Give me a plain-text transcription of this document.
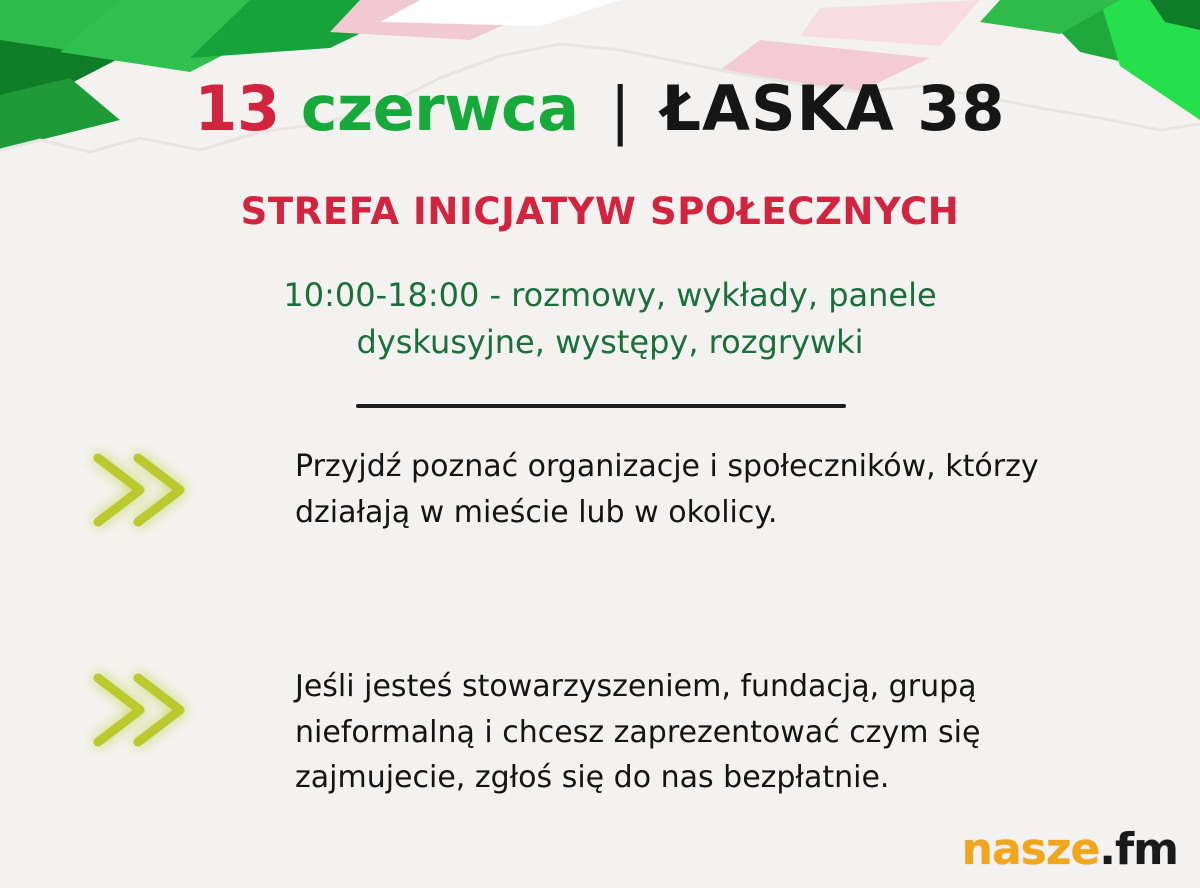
13 czerwca | ŁASKA 38
STREFA INICJATYW SPOŁECZNYCH
10:00-18:00 - rozmowy, wykłady, panele
dyskusyjne, występy, rozgrywki
Przyjdź poznać organizacje i społeczników, którzy działają w mieście lub w okolicy.
Jeśli jesteś stowarzyszeniem, fundacją, grupą nieformalną i chcesz zaprezentować czym się zajmujecie, zgłoś się do nas bezpłatnie.
nasze.fm
